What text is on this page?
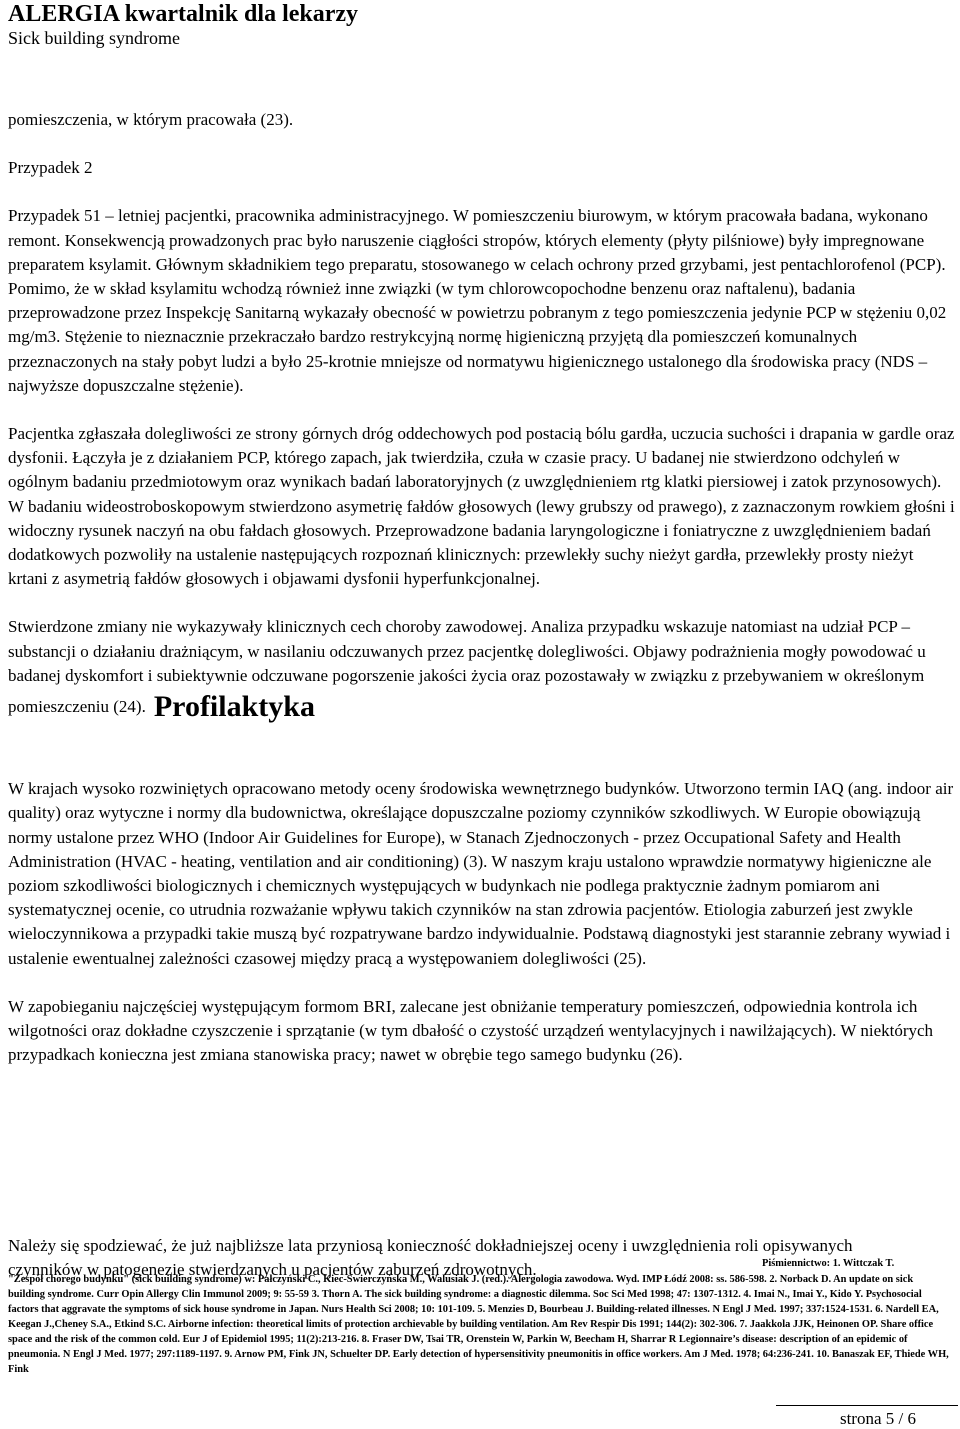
ALERGIA kwartalnik dla lekarzy
Sick building syndrome

pomieszczenia, w którym pracowała (23).

Przypadek 2

Przypadek 51 – letniej pacjentki, pracownika administracyjnego. W pomieszczeniu biurowym, w którym pracowała badana, wykonano remont. Konsekwencją prowadzonych prac było naruszenie ciągłości stropów, których elementy (płyty pilśniowe) były impregnowane preparatem ksylamit. Głównym składnikiem tego preparatu, stosowanego w celach ochrony przed grzybami, jest pentachlorofenol (PCP). Pomimo, że w skład ksylamitu wchodzą również inne związki (w tym chlorowcopochodne benzenu oraz naftalenu), badania przeprowadzone przez Inspekcję Sanitarną wykazały obecność w powietrzu pobranym z tego pomieszczenia jedynie PCP w stężeniu 0,02 mg/m3. Stężenie to nieznacznie przekraczało bardzo restrykcyjną normę higieniczną przyjętą dla pomieszczeń komunalnych przeznaczonych na stały pobyt ludzi a było 25-krotnie mniejsze od normatywu higienicznego ustalonego dla środowiska pracy (NDS – najwyższe dopuszczalne stężenie).

Pacjentka zgłaszała dolegliwości ze strony górnych dróg oddechowych pod postacią bólu gardła, uczucia suchości i drapania w gardle oraz dysfonii. Łączyła je z działaniem PCP, którego zapach, jak twierdziła, czuła w czasie pracy. U badanej nie stwierdzono odchyleń w ogólnym badaniu przedmiotowym oraz wynikach badań laboratoryjnych (z uwzględnieniem rtg klatki piersiowej i zatok przynosowych). W badaniu wideostroboskopowym stwierdzono asymetrię fałdów głosowych (lewy grubszy od prawego), z zaznaczonym rowkiem głośni i widoczny rysunek naczyń na obu fałdach głosowych. Przeprowadzone badania laryngologiczne i foniatryczne z uwzględnieniem badań dodatkowych pozwoliły na ustalenie następujących rozpoznań klinicznych: przewlekły suchy nieżyt gardła, przewlekły prosty nieżyt krtani z asymetrią fałdów głosowych i objawami dysfonii hyperfunkcjonalnej.

Stwierdzone zmiany nie wykazywały klinicznych cech choroby zawodowej. Analiza przypadku wskazuje natomiast na udział PCP – substancji o działaniu drażniącym, w nasilaniu odczuwanych przez pacjentkę dolegliwości. Objawy podrażnienia mogły powodować u badanej dyskomfort i subiektywnie odczuwane pogorszenie jakości życia oraz pozostawały w związku z przebywaniem w określonym pomieszczeniu (24). Profilaktyka

W krajach wysoko rozwiniętych opracowano metody oceny środowiska wewnętrznego budynków. Utworzono termin IAQ (ang. indoor air quality) oraz wytyczne i normy dla budownictwa, określające dopuszczalne poziomy czynników szkodliwych. W Europie obowiązują normy ustalone przez WHO (Indoor Air Guidelines for Europe), w Stanach Zjednoczonych - przez Occupational Safety and Health Administration (HVAC - heating, ventilation and air conditioning) (3). W naszym kraju ustalono wprawdzie normatywy higieniczne ale poziom szkodliwości biologicznych i chemicznych występujących w budynkach nie podlega praktycznie żadnym pomiarom ani systematycznej ocenie, co utrudnia rozważanie wpływu takich czynników na stan zdrowia pacjentów. Etiologia zaburzeń jest zwykle wieloczynnikowa a przypadki takie muszą być rozpatrywane bardzo indywidualnie. Podstawą diagnostyki jest starannie zebrany wywiad i ustalenie ewentualnej zależności czasowej między pracą a występowaniem dolegliwości (25).

W zapobieganiu najczęściej występującym formom BRI, zalecane jest obniżanie temperatury pomieszczeń, odpowiednia kontrola ich wilgotności oraz dokładne czyszczenie i sprzątanie (w tym dbałość o czystość urządzeń wentylacyjnych i nawilżających). W niektórych przypadkach konieczna jest zmiana stanowiska pracy; nawet w obrębie tego samego budynku (26).

Należy się spodziewać, że już najbliższe lata przyniosą konieczność dokładniejszej oceny i uwzględnienia roli opisywanych czynników w patogenezie stwierdzanych u pacjentów zaburzeń zdrowotnych.	Piśmiennictwo: 1. Wittczak T.
"Zespół chorego budynku" (sick building syndrome) w: Pałczyński C., Kiec-Świerczyńska M., Walusiak J. (red.). Alergologia zawodowa. Wyd. IMP Łódź 2008: ss. 586-598. 2. Norback D. An update on sick building syndrome. Curr Opin Allergy Clin Immunol 2009; 9: 55-59 3. Thorn A. The sick building syndrome: a diagnostic dilemma. Soc Sci Med 1998; 47: 1307-1312. 4. Imai N., Imai Y., Kido Y. Psychosocial factors that aggravate the symptoms of sick house syndrome in Japan. Nurs Health Sci 2008; 10: 101-109. 5. Menzies D, Bourbeau J. Building-related illnesses. N Engl J Med. 1997; 337:1524-1531. 6. Nardell EA, Keegan J.,Cheney S.A., Etkind S.C. Airborne infection: theoretical limits of protection archievable by building ventilation. Am Rev Respir Dis 1991; 144(2): 302-306. 7. Jaakkola JJK, Heinonen OP. Share office space and the risk of the common cold. Eur J of Epidemiol 1995; 11(2):213-216. 8. Fraser DW, Tsai TR, Orenstein W, Parkin W, Beecham H, Sharrar R Legionnaire’s disease: description of an epidemic of pneumonia. N Engl J Med. 1977; 297:1189-1197. 9. Arnow PM, Fink JN, Schuelter DP. Early detection of hypersensitivity pneumonitis in office workers. Am J Med. 1978; 64:236-241. 10. Banaszak EF, Thiede WH, Fink
strona 5 / 6
